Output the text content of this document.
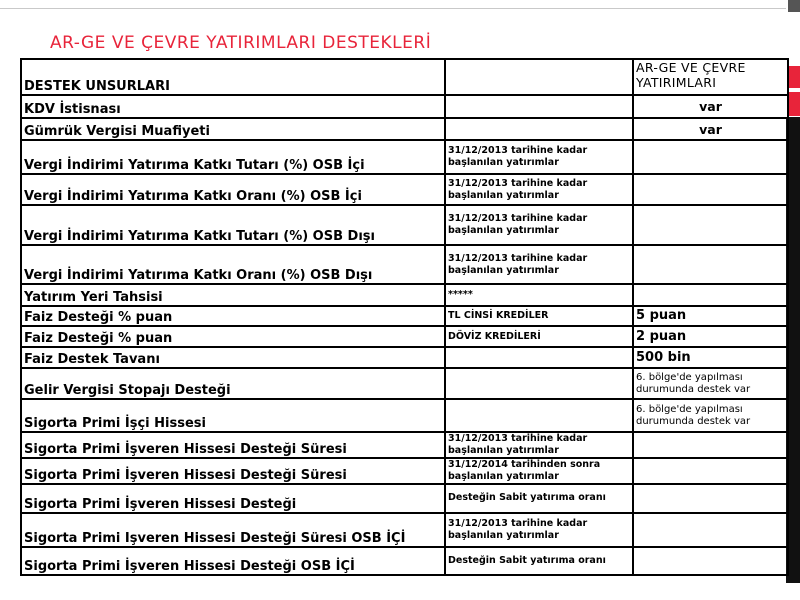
AR-GE VE ÇEVRE YATIRIMLARI DESTEKLERİ
DESTEK UNSURLARI		AR-GE VE ÇEVRE YATIRIMLARI
KDV İstisnası		var
Gümrük Vergisi Muafiyeti		var
Vergi İndirimi Yatırıma Katkı Tutarı (%) OSB İçi	31/12/2013 tarihine kadar başlanılan yatırımlar	
Vergi İndirimi Yatırıma Katkı Oranı (%) OSB İçi	31/12/2013 tarihine kadar başlanılan yatırımlar	
Vergi İndirimi Yatırıma Katkı Tutarı (%) OSB Dışı	31/12/2013 tarihine kadar başlanılan yatırımlar	
Vergi İndirimi Yatırıma Katkı Oranı (%) OSB Dışı	31/12/2013 tarihine kadar başlanılan yatırımlar	
Yatırım Yeri Tahsisi	*****	
Faiz Desteği % puan	TL CİNSİ KREDİLER	5 puan
Faiz Desteği % puan	DÖVİZ KREDİLERİ	2 puan
Faiz Destek Tavanı		500 bin
Gelir Vergisi Stopajı Desteği		6. bölge'de yapılması durumunda destek var
Sigorta Primi İşçi Hissesi		6. bölge'de yapılması durumunda destek var
Sigorta Primi İşveren Hissesi Desteği Süresi	31/12/2013 tarihine kadar başlanılan yatırımlar	
Sigorta Primi İşveren Hissesi Desteği Süresi	31/12/2014 tarihinden sonra başlanılan yatırımlar	
Sigorta Primi İşveren Hissesi Desteği	Desteğin Sabit yatırıma oranı	
Sigorta Primi Işveren Hissesi Desteği Süresi OSB İÇİ	31/12/2013 tarihine kadar başlanılan yatırımlar	
Sigorta Primi İşveren Hissesi Desteği OSB İÇİ	Desteğin Sabit yatırıma oranı	
